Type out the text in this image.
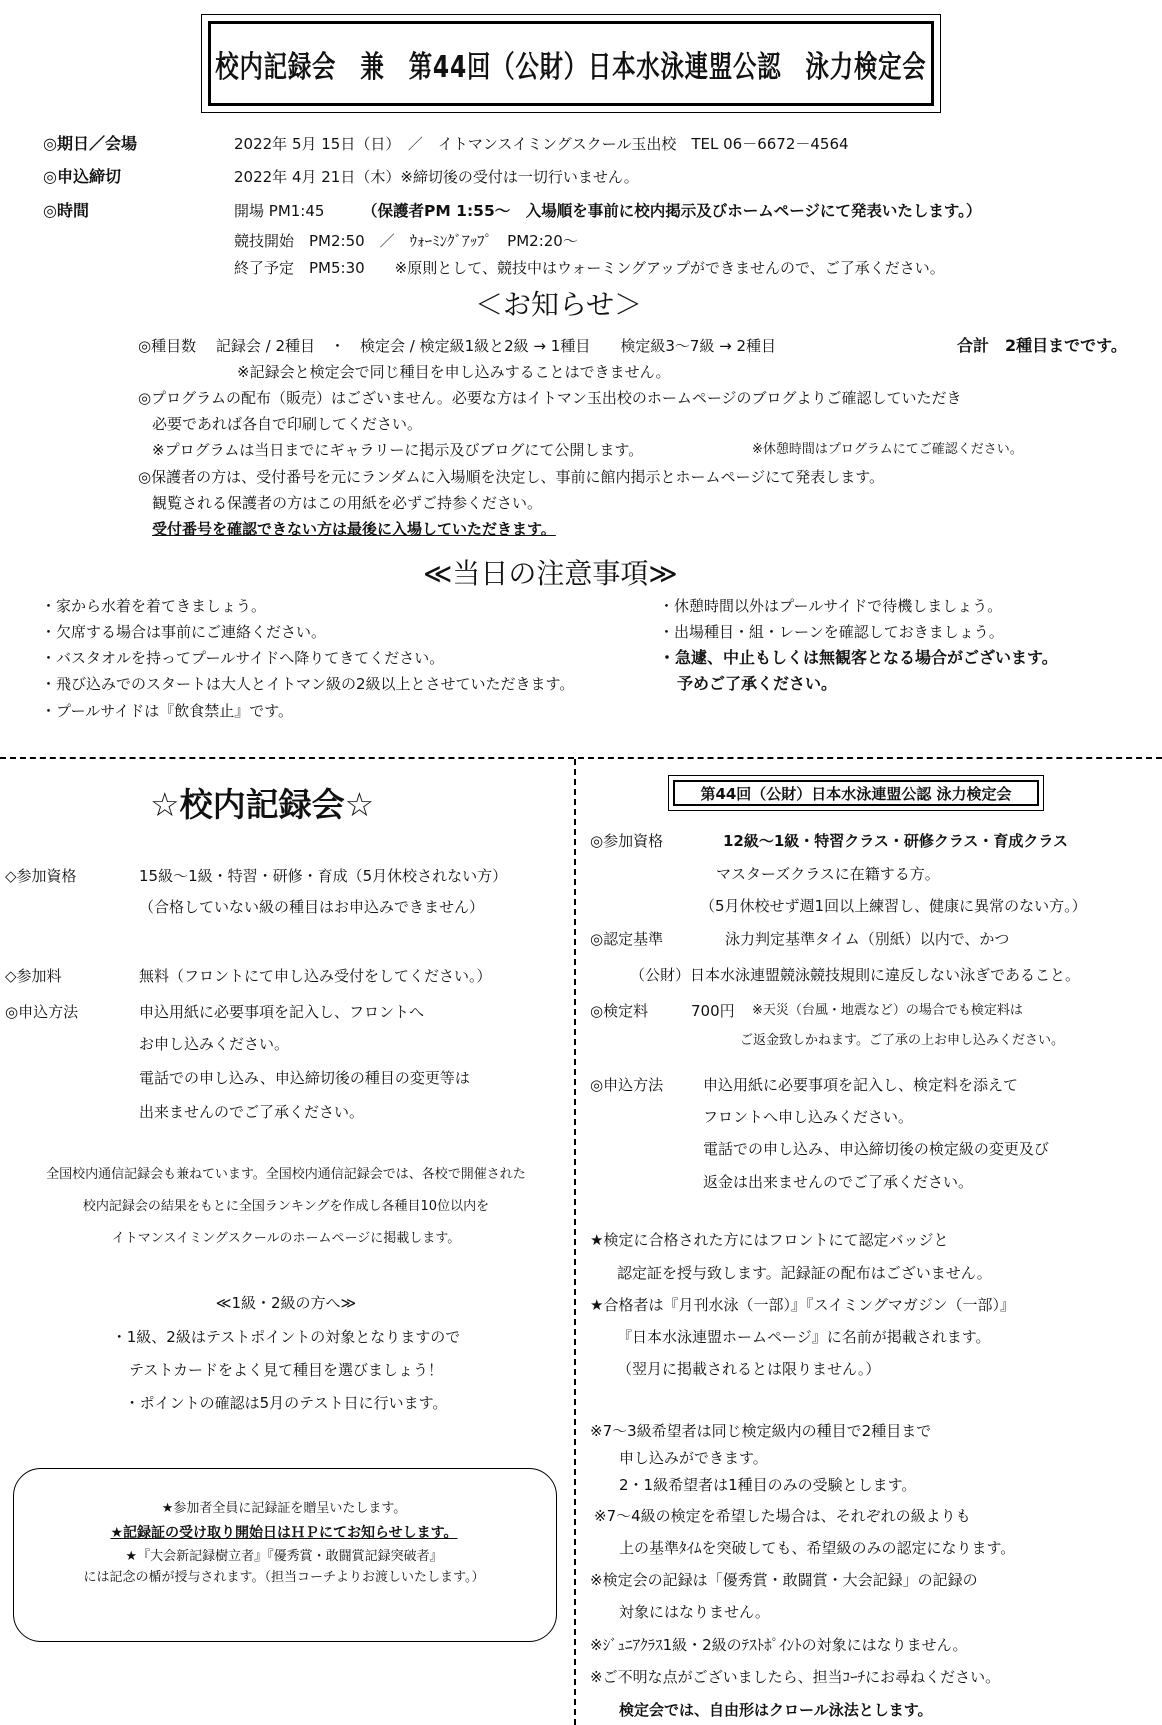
校内記録会　兼　第44回（公財）日本水泳連盟公認　泳力検定会
◎期日／会場	2022年 5月 15日（日）　／　イトマンスイミングスクール玉出校　TEL 06－6672－4564
◎申込締切	2022年 4月 21日（木）※締切後の受付は一切行いません。
◎時間	開場 PM1:45 （保護者PM 1:55～　入場順を事前に校内掲示及びホームページにて発表いたします。）
競技開始　PM2:50　／　ｳｫｰﾐﾝｸﾞｱｯﾌﾟ　PM2:20～
終了予定　PM5:30　　※原則として、競技中はウォーミングアップができませんので、ご了承ください。
＜お知らせ＞
◎種目数　 記録会 / 2種目　・　検定会 / 検定級1級と2級 → 1種目　　検定級3～7級 → 2種目	合計　2種目までです。
※記録会と検定会で同じ種目を申し込みすることはできません。
◎プログラムの配布（販売）はございません。必要な方はイトマン玉出校のホームページのブログよりご確認していただき
必要であれば各自で印刷してください。
※プログラムは当日までにギャラリーに掲示及びブログにて公開します。	※休憩時間はプログラムにてご確認ください。
◎保護者の方は、受付番号を元にランダムに入場順を決定し、事前に館内掲示とホームページにて発表します。
観覧される保護者の方はこの用紙を必ずご持参ください。
受付番号を確認できない方は最後に入場していただきます。
≪当日の注意事項≫
・家から水着を着てきましょう。
・欠席する場合は事前にご連絡ください。
・バスタオルを持ってプールサイドへ降りてきてください。
・飛び込みでのスタートは大人とイトマン級の2級以上とさせていただきます。
・プールサイドは『飲食禁止』です。
・休憩時間以外はプールサイドで待機しましょう。
・出場種目・組・レーンを確認しておきましょう。
・急遽、中止もしくは無観客となる場合がございます。
予めご了承ください。
☆校内記録会☆
◇参加資格	15級～1級・特習・研修・育成（5月休校されない方）
（合格していない級の種目はお申込みできません）
◇参加料	無料（フロントにて申し込み受付をしてください。）
◎申込方法	申込用紙に必要事項を記入し、フロントへ
お申し込みください。
電話での申し込み、申込締切後の種目の変更等は
出来ませんのでご了承ください。
全国校内通信記録会も兼ねています。全国校内通信記録会では、各校で開催された
校内記録会の結果をもとに全国ランキングを作成し各種目10位以内を
イトマンスイミングスクールのホームページに掲載します。
≪1級・2級の方へ≫
・1級、2級はテストポイントの対象となりますので
テストカードをよく見て種目を選びましょう！
・ポイントの確認は5月のテスト日に行います。
★参加者全員に記録証を贈呈いたします。
★記録証の受け取り開始日はＨＰにてお知らせします。
★『大会新記録樹立者』『優秀賞・敢闘賞記録突破者』
には記念の楯が授与されます。（担当コーチよりお渡しいたします。）
第44回（公財）日本水泳連盟公認 泳力検定会
◎参加資格	12級～1級・特習クラス・研修クラス・育成クラス
マスターズクラスに在籍する方。
（5月休校せず週1回以上練習し、健康に異常のない方。）
◎認定基準	泳力判定基準タイム（別紙）以内で、かつ
（公財）日本水泳連盟競泳競技規則に違反しない泳ぎであること。
◎検定料	700円 ※天災（台風・地震など）の場合でも検定料は
ご返金致しかねます。ご了承の上お申し込みください。
◎申込方法	申込用紙に必要事項を記入し、検定料を添えて
フロントへ申し込みください。
電話での申し込み、申込締切後の検定級の変更及び
返金は出来ませんのでご了承ください。
★検定に合格された方にはフロントにて認定バッジと
認定証を授与致します。記録証の配布はございません。
★合格者は『月刊水泳（一部）』『スイミングマガジン（一部）』
『日本水泳連盟ホームページ』に名前が掲載されます。
（翌月に掲載されるとは限りません。）
※7～3級希望者は同じ検定級内の種目で2種目まで
申し込みができます。
2・1級希望者は1種目のみの受験とします。
※7～4級の検定を希望した場合は、それぞれの級よりも
上の基準ﾀｲﾑを突破しても、希望級のみの認定になります。
※検定会の記録は「優秀賞・敢闘賞・大会記録」の記録の
対象にはなりません。
※ｼﾞｭﾆｱｸﾗｽ1級・2級のﾃｽﾄﾎﾟｲﾝﾄの対象にはなりません。
※ご不明な点がございましたら、担当ｺｰﾁにお尋ねください。
検定会では、自由形はクロール泳法とします。
